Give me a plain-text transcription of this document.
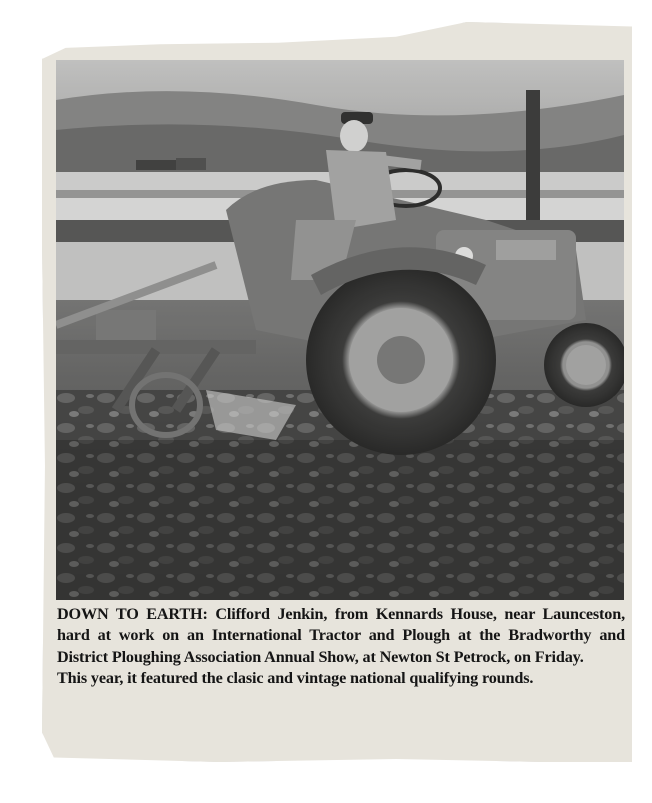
DOWN TO EARTH: Clifford Jenkin, from Kennards House, near Launceston, hard at work on an International Tractor and Plough at the Bradworthy and District Ploughing Association Annual Show, at Newton St Petrock, on Friday.

This year, it featured the clasic and vintage national qualifying rounds.
